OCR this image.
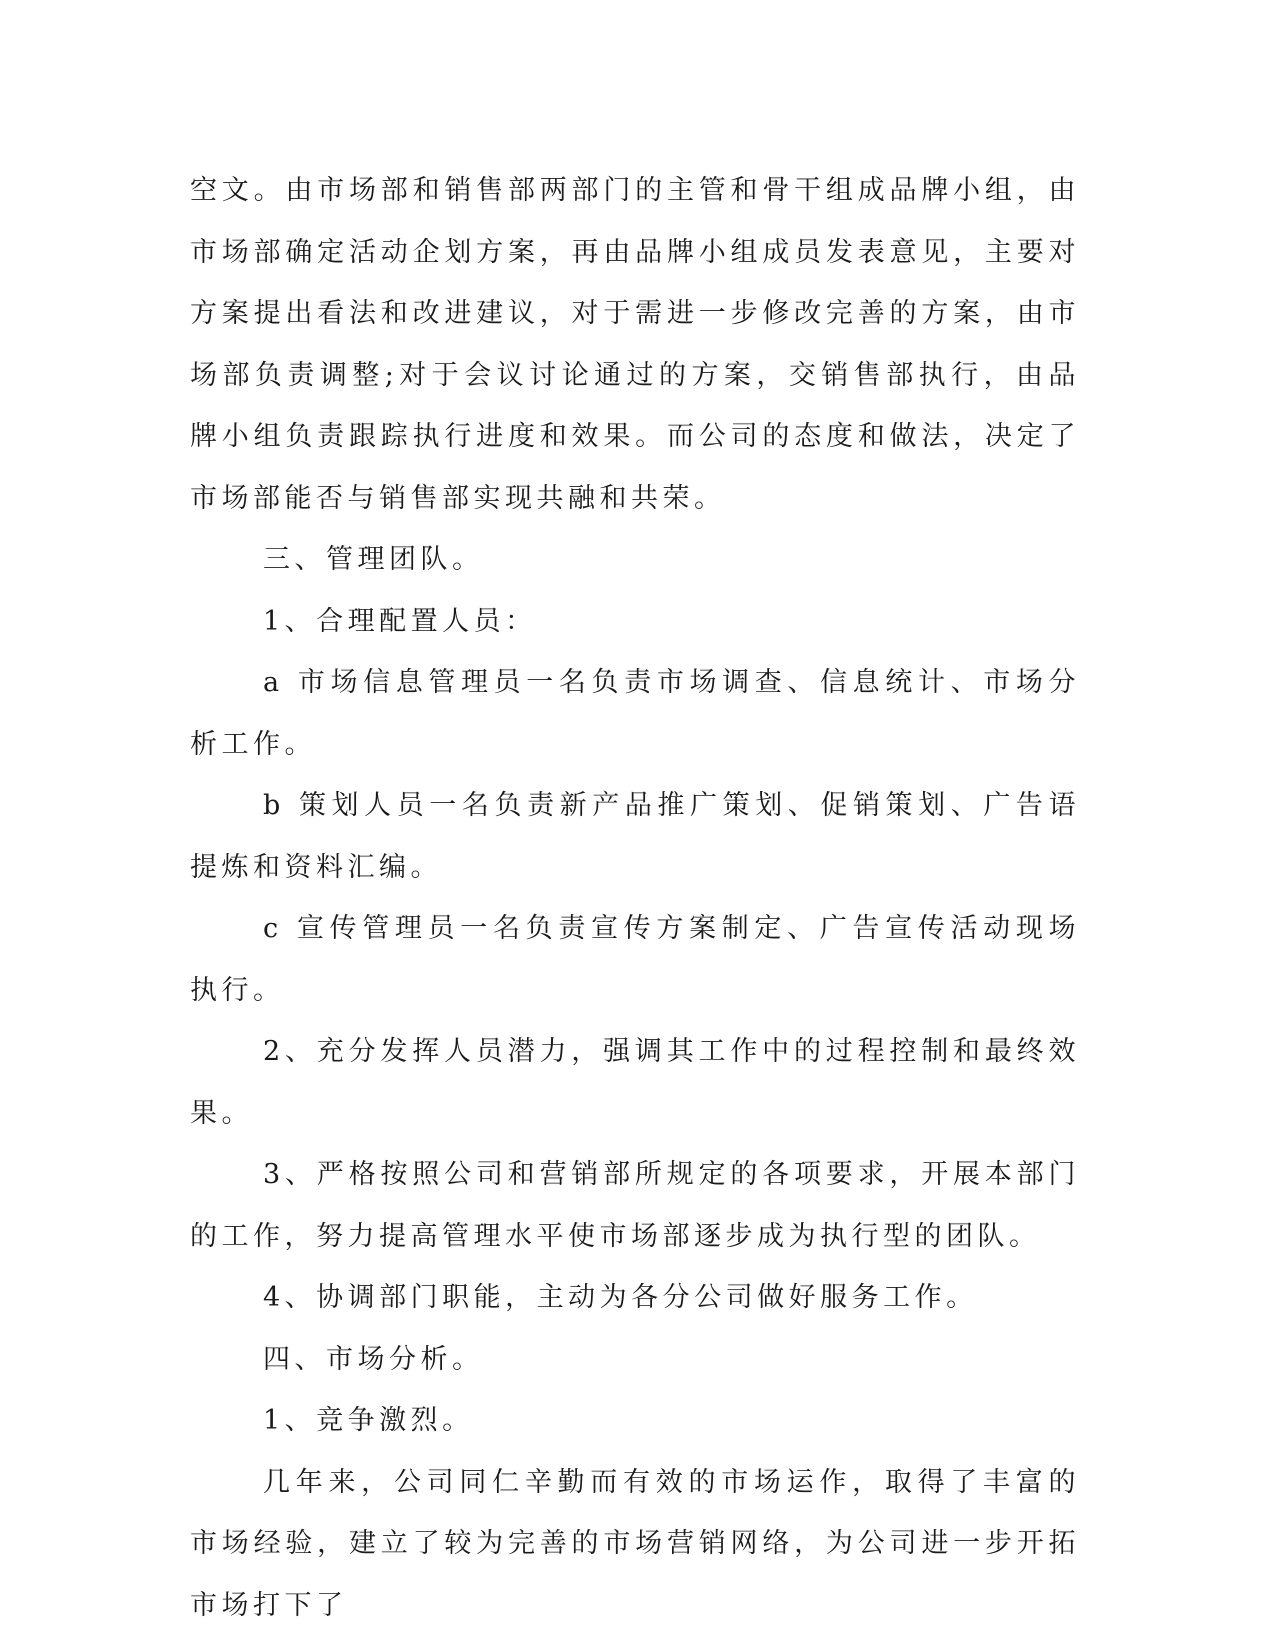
空文。由市场部和销售部两部门的主管和骨干组成品牌小组，由市场部确定活动企划方案，再由品牌小组成员发表意见，主要对方案提出看法和改进建议，对于需进一步修改完善的方案，由市场部负责调整;对于会议讨论通过的方案，交销售部执行，由品牌小组负责跟踪执行进度和效果。而公司的态度和做法，决定了市场部能否与销售部实现共融和共荣。

三、管理团队。

1、合理配置人员：

a 市场信息管理员一名负责市场调查、信息统计、市场分析工作。

b 策划人员一名负责新产品推广策划、促销策划、广告语提炼和资料汇编。

c 宣传管理员一名负责宣传方案制定、广告宣传活动现场执行。

2、充分发挥人员潜力，强调其工作中的过程控制和最终效果。

3、严格按照公司和营销部所规定的各项要求，开展本部门的工作，努力提高管理水平使市场部逐步成为执行型的团队。

4、协调部门职能，主动为各分公司做好服务工作。

四、市场分析。

1、竞争激烈。

几年来，公司同仁辛勤而有效的市场运作，取得了丰富的市场经验，建立了较为完善的市场营销网络，为公司进一步开拓市场打下了
